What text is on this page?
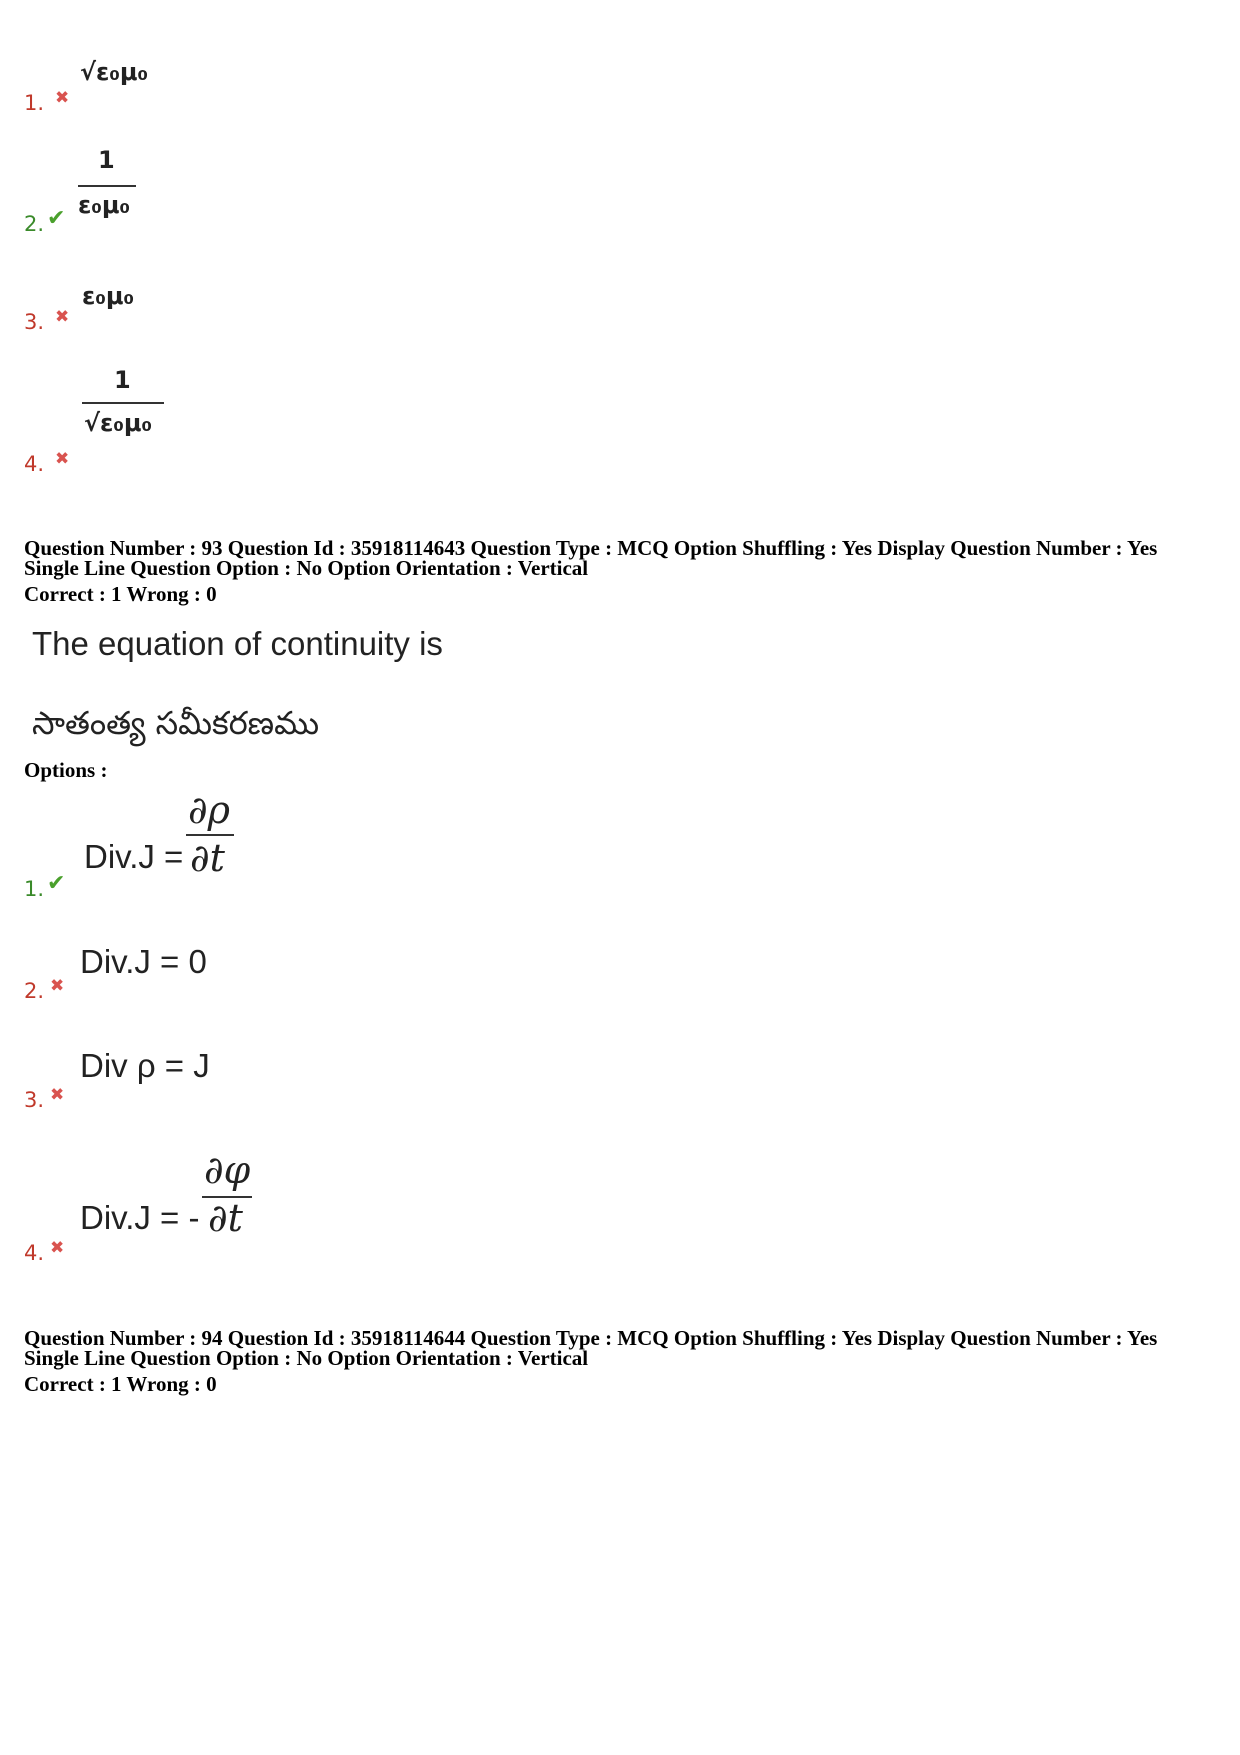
√ε₀μ₀
1. ✖
1
ε₀μ₀
2. ✔
ε₀μ₀
3. ✖
1
√ε₀μ₀
4. ✖
Question Number : 93 Question Id : 35918114643 Question Type : MCQ Option Shuffling : Yes Display Question Number : Yes
Single Line Question Option : No Option Orientation : Vertical
Correct : 1 Wrong : 0
The equation of continuity is
సాతంత్య సమీకరణము
Options :
Div.J =
∂ρ
∂t
1. ✔
Div.J = 0
2. ✖
Div ρ = J
3. ✖
Div.J = -
∂φ
∂t
4. ✖
Question Number : 94 Question Id : 35918114644 Question Type : MCQ Option Shuffling : Yes Display Question Number : Yes
Single Line Question Option : No Option Orientation : Vertical
Correct : 1 Wrong : 0
